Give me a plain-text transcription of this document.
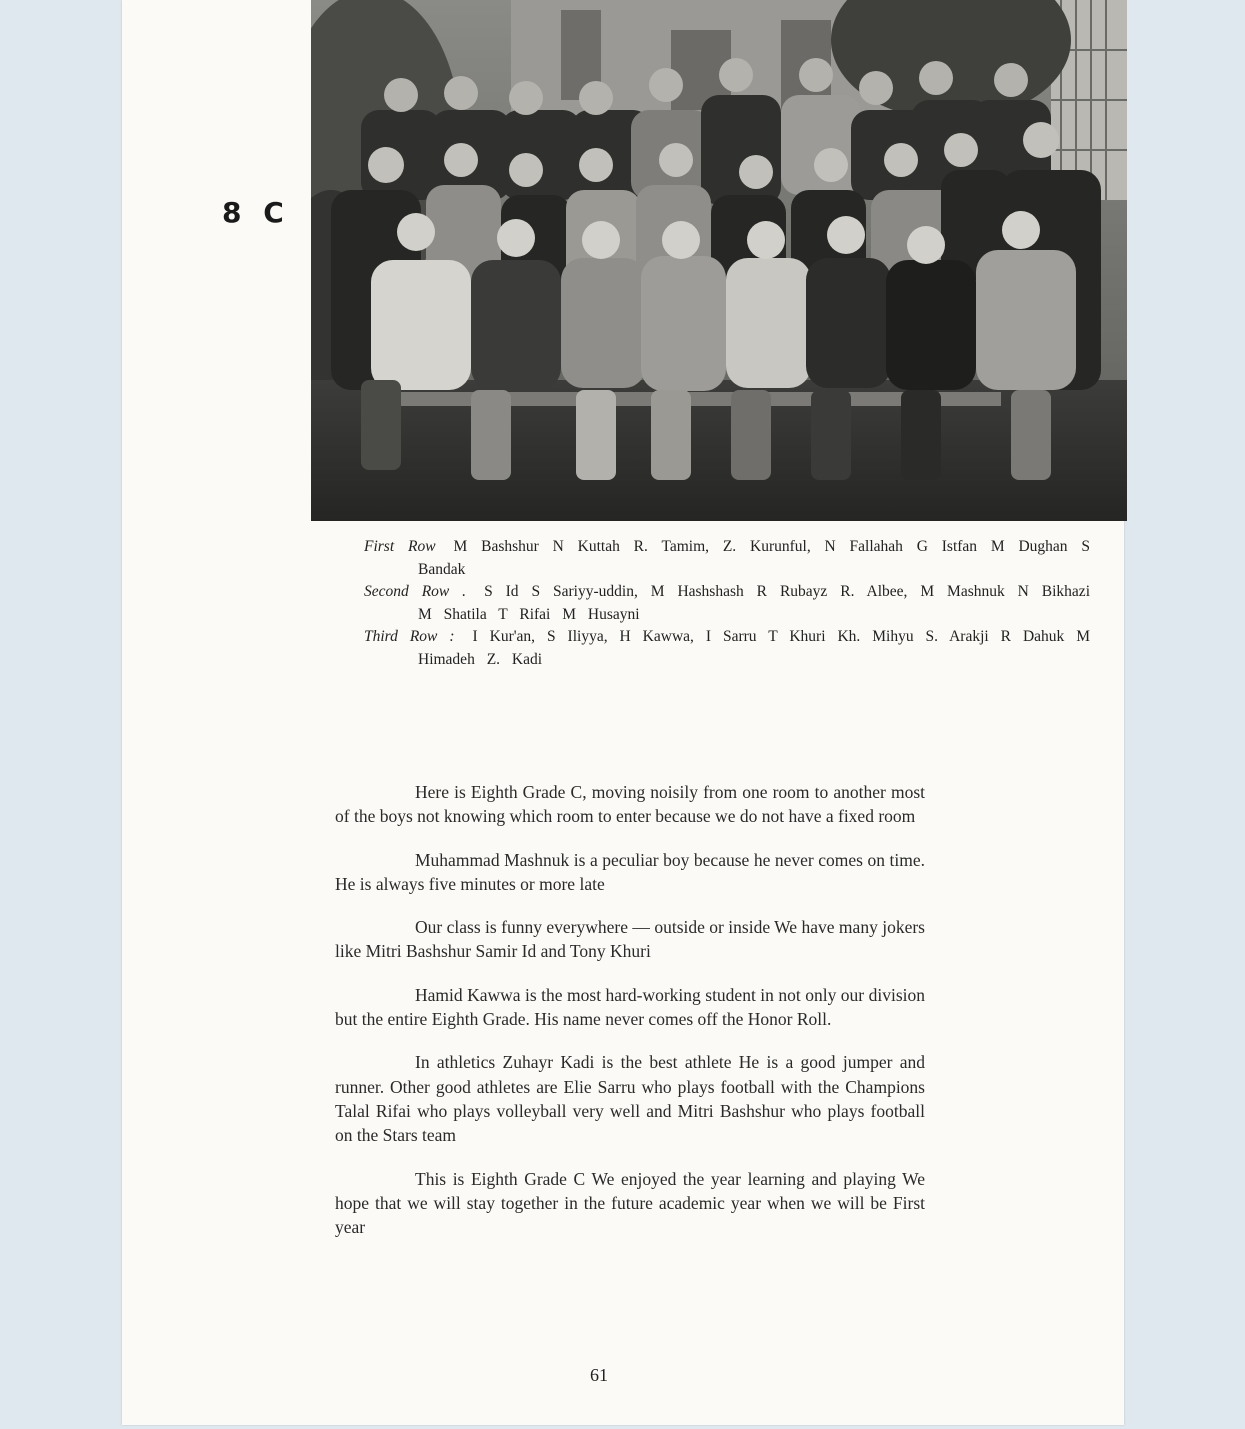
8 C
First Row M Bashshur N Kuttah R. Tamim, Z. Kurunful, N Fallahah G Istfan M Dughan S Bandak
Second Row . S Id S Sariyy-uddin, M Hashshash R Rubayz R. Albee, M Mashnuk N Bikhazi M Shatila T Rifai M Husayni
Third Row : I Kur'an, S Iliyya, H Kawwa, I Sarru T Khuri Kh. Mihyu S. Arakji R Dahuk M Himadeh Z. Kadi

Here is Eighth Grade C, moving noisily from one room to another most of the boys not knowing which room to enter because we do not have a fixed room

Muhammad Mashnuk is a peculiar boy because he never comes on time. He is always five minutes or more late

Our class is funny everywhere — outside or inside We have many jokers like Mitri Bashshur Samir Id and Tony Khuri

Hamid Kawwa is the most hard-working student in not only our division but the entire Eighth Grade. His name never comes off the Honor Roll.

In athletics Zuhayr Kadi is the best athlete He is a good jumper and runner. Other good athletes are Elie Sarru who plays football with the Champions Talal Rifai who plays volleyball very well and Mitri Bashshur who plays football on the Stars team

This is Eighth Grade C We enjoyed the year learning and playing We hope that we will stay together in the future academic year when we will be First year

61
